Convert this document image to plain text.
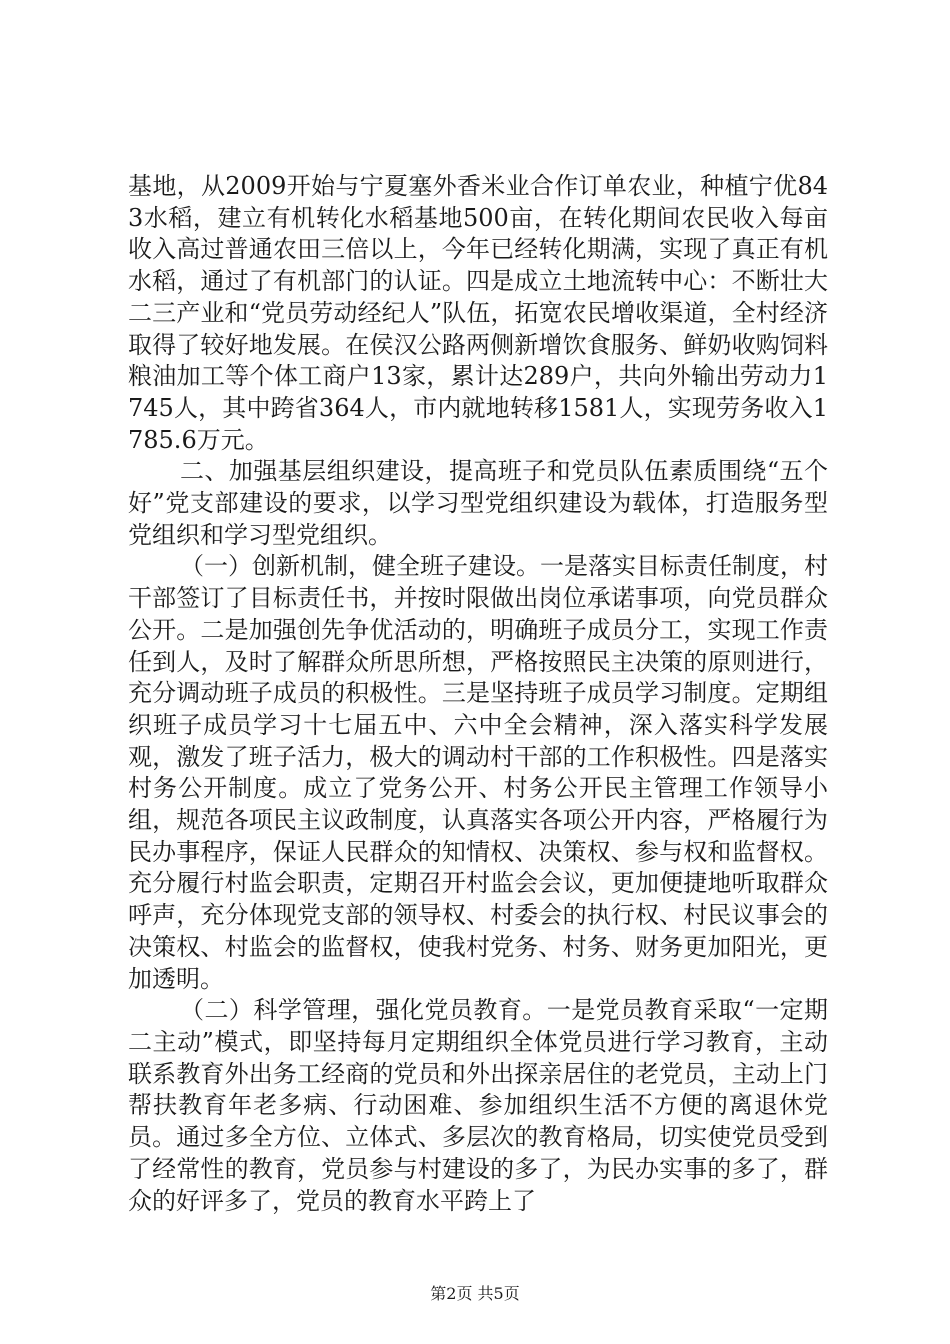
基地，从2009开始与宁夏塞外香米业合作订单农业，种植宁优843水稻，建立有机转化水稻基地500亩，在转化期间农民收入每亩收入高过普通农田三倍以上，今年已经转化期满，实现了真正有机水稻，通过了有机部门的认证。四是成立土地流转中心：不断壮大二三产业和“党员劳动经纪人”队伍，拓宽农民增收渠道，全村经济取得了较好地发展。在侯汉公路两侧新增饮食服务、鲜奶收购饲料粮油加工等个体工商户13家，累计达289户，共向外输出劳动力1745人，其中跨省364人，市内就地转移1581人，实现劳务收入1785.6万元。

二、加强基层组织建设，提高班子和党员队伍素质围绕“五个好”党支部建设的要求，以学习型党组织建设为载体，打造服务型党组织和学习型党组织。

（一）创新机制，健全班子建设。一是落实目标责任制度，村干部签订了目标责任书，并按时限做出岗位承诺事项，向党员群众公开。二是加强创先争优活动的，明确班子成员分工，实现工作责任到人，及时了解群众所思所想，严格按照民主决策的原则进行，充分调动班子成员的积极性。三是坚持班子成员学习制度。定期组织班子成员学习十七届五中、六中全会精神，深入落实科学发展观，激发了班子活力，极大的调动村干部的工作积极性。四是落实村务公开制度。成立了党务公开、村务公开民主管理工作领导小组，规范各项民主议政制度，认真落实各项公开内容，严格履行为民办事程序，保证人民群众的知情权、决策权、参与权和监督权。充分履行村监会职责，定期召开村监会会议，更加便捷地听取群众呼声，充分体现党支部的领导权、村委会的执行权、村民议事会的决策权、村监会的监督权，使我村党务、村务、财务更加阳光，更加透明。

（二）科学管理，强化党员教育。一是党员教育采取“一定期二主动”模式，即坚持每月定期组织全体党员进行学习教育，主动联系教育外出务工经商的党员和外出探亲居住的老党员，主动上门帮扶教育年老多病、行动困难、参加组织生活不方便的离退休党员。通过多全方位、立体式、多层次的教育格局，切实使党员受到了经常性的教育，党员参与村建设的多了，为民办实事的多了，群众的好评多了，党员的教育水平跨上了

第2页 共5页
